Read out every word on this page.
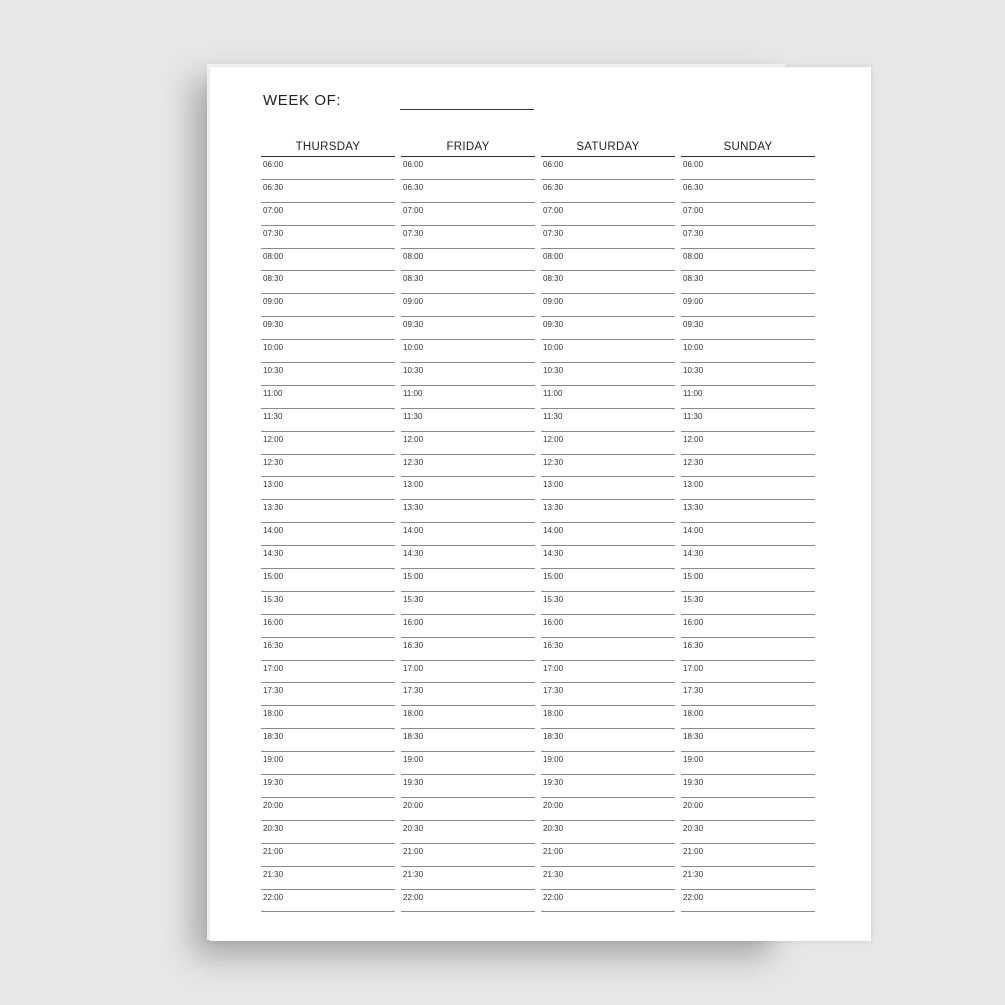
WEEK OF:
THURSDAY
06:00
06:30
07:00
07:30
08:00
08:30
09:00
09:30
10:00
10:30
11:00
11:30
12:00
12:30
13:00
13:30
14:00
14:30
15:00
15:30
16:00
16:30
17:00
17:30
18:00
18:30
19:00
19:30
20:00
20:30
21:00
21:30
22:00
FRIDAY
06:00
06:30
07:00
07:30
08:00
08:30
09:00
09:30
10:00
10:30
11:00
11:30
12:00
12:30
13:00
13:30
14:00
14:30
15:00
15:30
16:00
16:30
17:00
17:30
18:00
18:30
19:00
19:30
20:00
20:30
21:00
21:30
22:00
SATURDAY
06:00
06:30
07:00
07:30
08:00
08:30
09:00
09:30
10:00
10:30
11:00
11:30
12:00
12:30
13:00
13:30
14:00
14:30
15:00
15:30
16:00
16:30
17:00
17:30
18:00
18:30
19:00
19:30
20:00
20:30
21:00
21:30
22:00
SUNDAY
06:00
06:30
07:00
07:30
08:00
08:30
09:00
09:30
10:00
10:30
11:00
11:30
12:00
12:30
13:00
13:30
14:00
14:30
15:00
15:30
16:00
16:30
17:00
17:30
18:00
18:30
19:00
19:30
20:00
20:30
21:00
21:30
22:00
